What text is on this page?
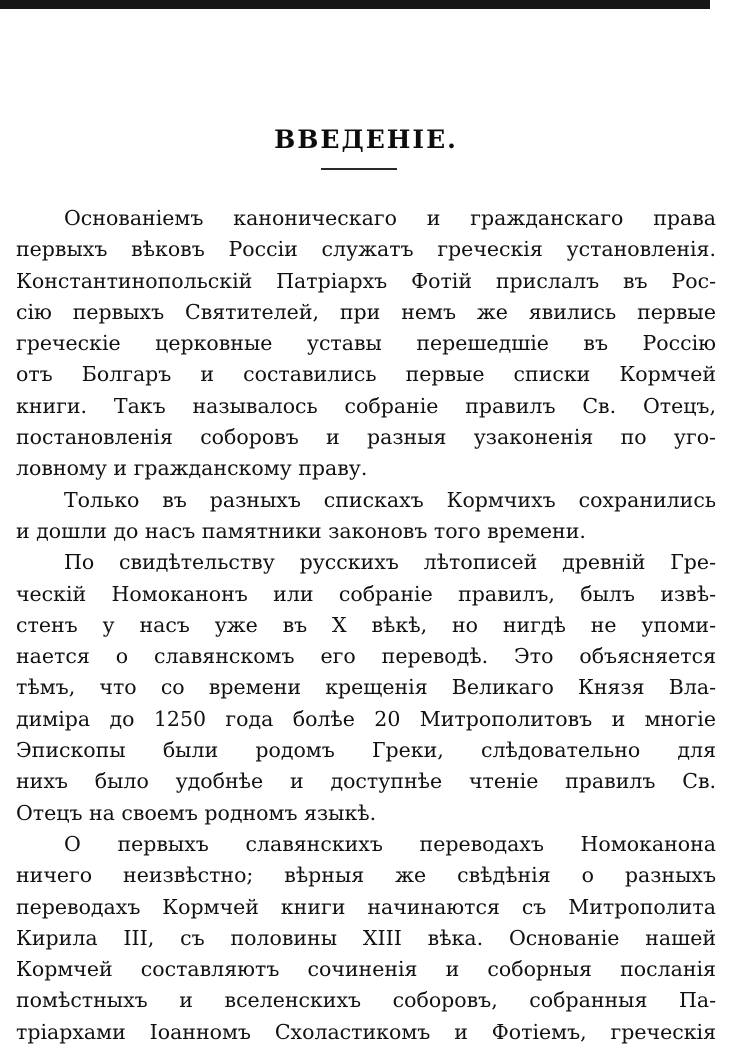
ВВЕДЕНІЕ.

Основаніемъ каноническаго и гражданскаго права
первыхъ вѣковъ Россіи служатъ греческія установленія.
Константинопольскій Патріархъ Фотій прислалъ въ Рос-
сію первыхъ Святителей, при немъ же явились первые
греческіе церковные уставы перешедшіе въ Россію
отъ Болгаръ и составились первые списки Кормчей
книги. Такъ называлось собраніе правилъ Св. Отецъ,
постановленія соборовъ и разныя узаконенія по уго-
ловному и гражданскому праву.

Только въ разныхъ спискахъ Кормчихъ сохранились
и дошли до насъ памятники законовъ того времени.

По свидѣтельству русскихъ лѣтописей древній Гре-
ческій Номоканонъ или собраніе правилъ, былъ извѣ-
стенъ у насъ уже въ X вѣкѣ, но нигдѣ не упоми-
нается о славянскомъ его переводѣ. Это объясняется
тѣмъ, что со времени крещенія Великаго Князя Вла-
диміра до 1250 года болѣе 20 Митрополитовъ и многіе
Эпископы были родомъ Греки, слѣдовательно для
нихъ было удобнѣе и доступнѣе чтеніе правилъ Св.
Отецъ на своемъ родномъ языкѣ.

О первыхъ славянскихъ переводахъ Номоканона
ничего неизвѣстно; вѣрныя же свѣдѣнія о разныхъ
переводахъ Кормчей книги начинаются съ Митрополита
Кирила III, съ половины XIII вѣка. Основаніе нашей
Кормчей составляютъ сочиненія и соборныя посланія
помѣстныхъ и вселенскихъ соборовъ, собранныя Па-
тріархами Іоанномъ Схоластикомъ и Фотіемъ, греческія
